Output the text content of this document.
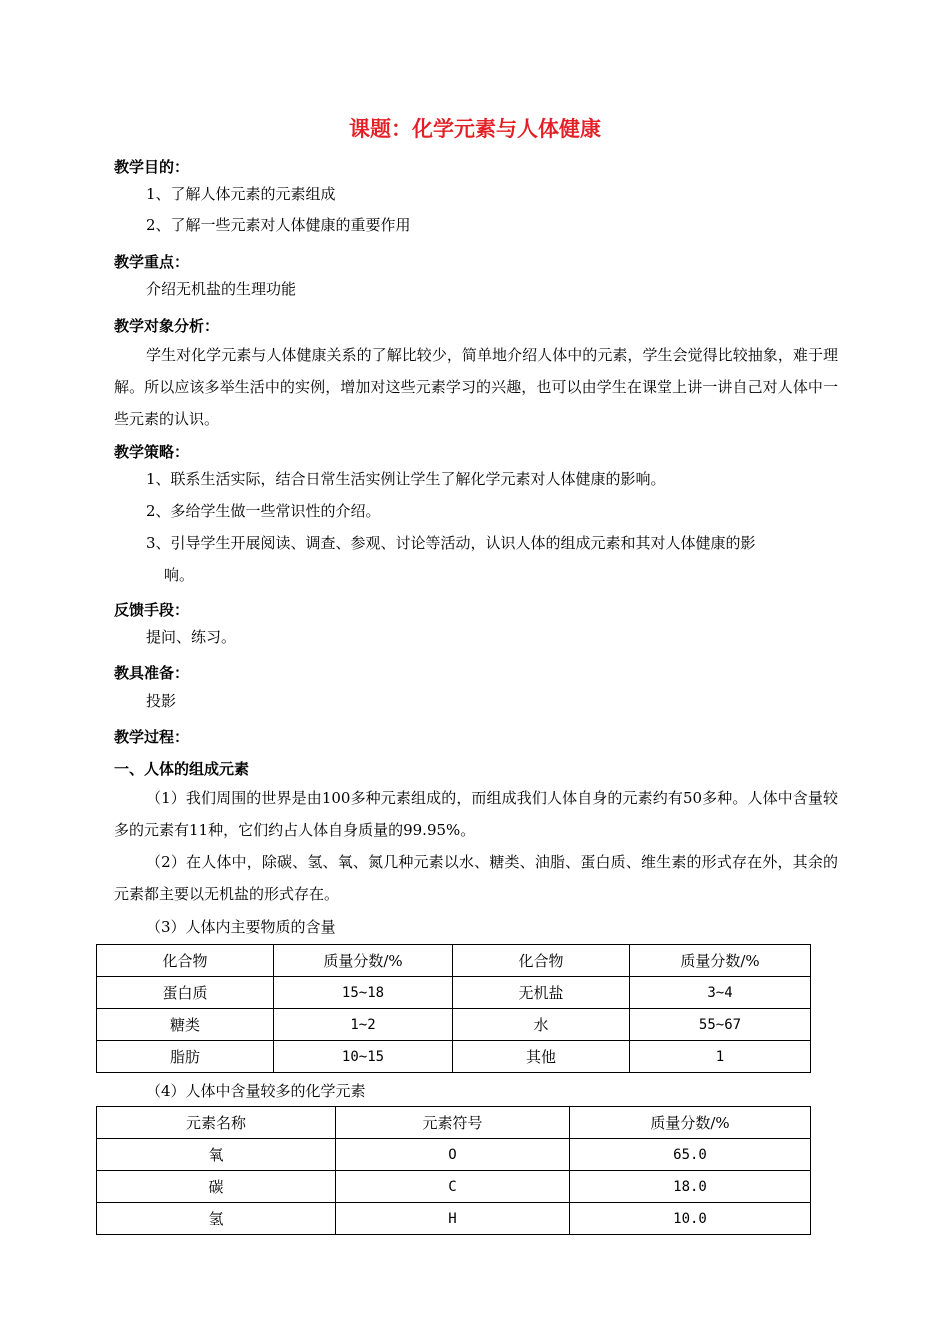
课题：化学元素与人体健康
教学目的：
1、了解人体元素的元素组成
2、了解一些元素对人体健康的重要作用
教学重点：
介绍无机盐的生理功能
教学对象分析：
学生对化学元素与人体健康关系的了解比较少，简单地介绍人体中的元素，学生会觉得比较抽象，难于理解。所以应该多举生活中的实例，增加对这些元素学习的兴趣，也可以由学生在课堂上讲一讲自己对人体中一些元素的认识。
教学策略：
1、联系生活实际，结合日常生活实例让学生了解化学元素对人体健康的影响。
2、多给学生做一些常识性的介绍。
3、引导学生开展阅读、调查、参观、讨论等活动，认识人体的组成元素和其对人体健康的影
响。
反馈手段：
提问、练习。
教具准备：
投影
教学过程：
一、人体的组成元素
（1）我们周围的世界是由100多种元素组成的，而组成我们人体自身的元素约有50多种。人体中含量较多的元素有11种，它们约占人体自身质量的99.95%。
（2）在人体中，除碳、氢、氧、氮几种元素以水、糖类、油脂、蛋白质、维生素的形式存在外，其余的元素都主要以无机盐的形式存在。
（3）人体内主要物质的含量
化合物	质量分数/%	化合物	质量分数/%
蛋白质	15~18	无机盐	3~4
糖类	1~2	水	55~67
脂肪	10~15	其他	1
（4）人体中含量较多的化学元素
元素名称	元素符号	质量分数/%
氧	O	65.0
碳	C	18.0
氢	H	10.0
